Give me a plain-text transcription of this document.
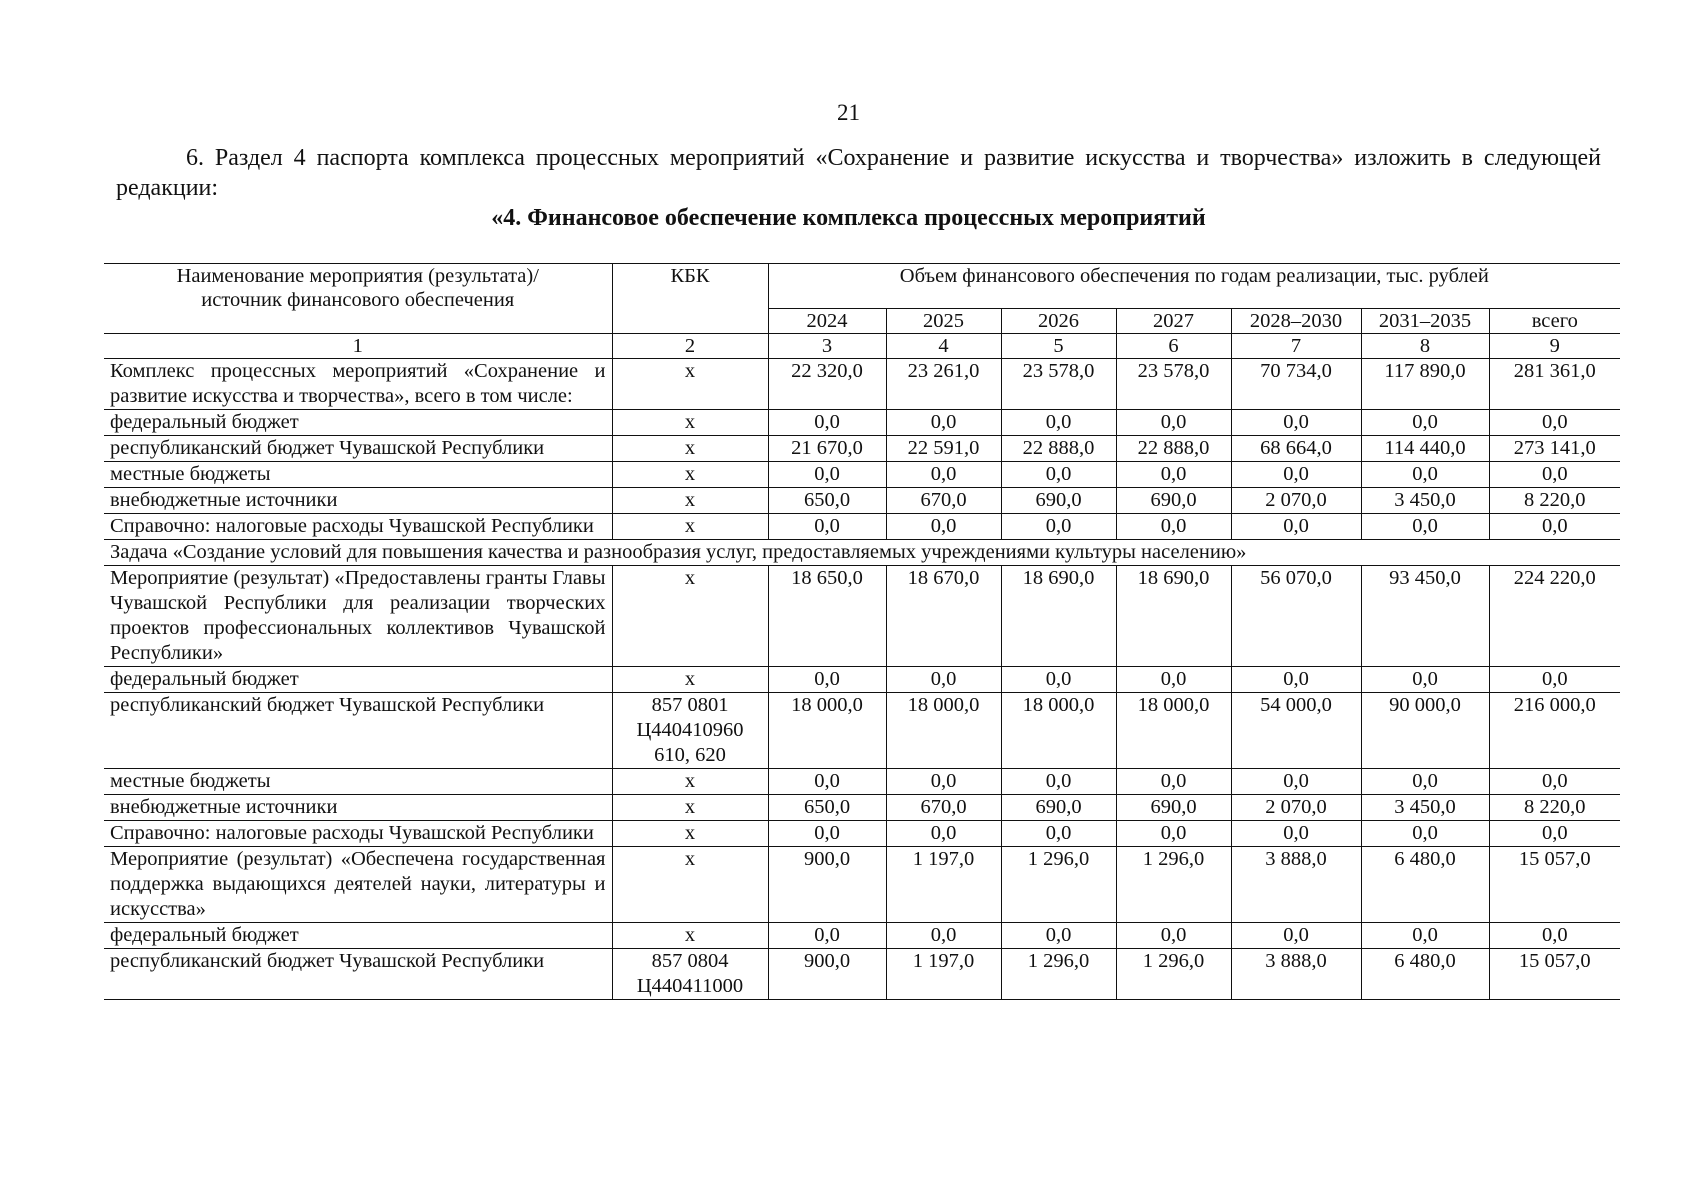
21
6. Раздел 4 паспорта комплекса процессных мероприятий «Сохранение и развитие искусства и творчества» изложить в следующей редакции:
«4. Финансовое обеспечение комплекса процессных мероприятий
Наименование мероприятия (результата)/
источник финансового обеспечения	КБК	Объем финансового обеспечения по годам реализации, тыс. рублей						
		2024	2025	2026	2027	2028–2030	2031–2035	всего
1	2	3	4	5	6	7	8	9
Комплекс процессных мероприятий «Сохранение и развитие искусства и творчества», всего в том числе:	х	22 320,0	23 261,0	23 578,0	23 578,0	70 734,0	117 890,0	281 361,0
федеральный бюджет	х	0,0	0,0	0,0	0,0	0,0	0,0	0,0
республиканский бюджет Чувашской Республики	х	21 670,0	22 591,0	22 888,0	22 888,0	68 664,0	114 440,0	273 141,0
местные бюджеты	х	0,0	0,0	0,0	0,0	0,0	0,0	0,0
внебюджетные источники	х	650,0	670,0	690,0	690,0	2 070,0	3 450,0	8 220,0
Справочно: налоговые расходы Чувашской Республики	х	0,0	0,0	0,0	0,0	0,0	0,0	0,0
Задача «Создание условий для повышения качества и разнообразия услуг, предоставляемых учреждениями культуры населению»								
Мероприятие (результат) «Предоставлены гранты Главы Чувашской Республики для реализации творческих проектов профессиональных коллективов Чувашской Республики»	х	18 650,0	18 670,0	18 690,0	18 690,0	56 070,0	93 450,0	224 220,0
федеральный бюджет	х	0,0	0,0	0,0	0,0	0,0	0,0	0,0
республиканский бюджет Чувашской Республики	857 0801 Ц440410960 610, 620	18 000,0	18 000,0	18 000,0	18 000,0	54 000,0	90 000,0	216 000,0
местные бюджеты	х	0,0	0,0	0,0	0,0	0,0	0,0	0,0
внебюджетные источники	х	650,0	670,0	690,0	690,0	2 070,0	3 450,0	8 220,0
Справочно: налоговые расходы Чувашской Республики	х	0,0	0,0	0,0	0,0	0,0	0,0	0,0
Мероприятие (результат) «Обеспечена государственная поддержка выдающихся деятелей науки, литературы и искусства»	х	900,0	1 197,0	1 296,0	1 296,0	3 888,0	6 480,0	15 057,0
федеральный бюджет	х	0,0	0,0	0,0	0,0	0,0	0,0	0,0
республиканский бюджет Чувашской Республики	857 0804 Ц440411000	900,0	1 197,0	1 296,0	1 296,0	3 888,0	6 480,0	15 057,0
